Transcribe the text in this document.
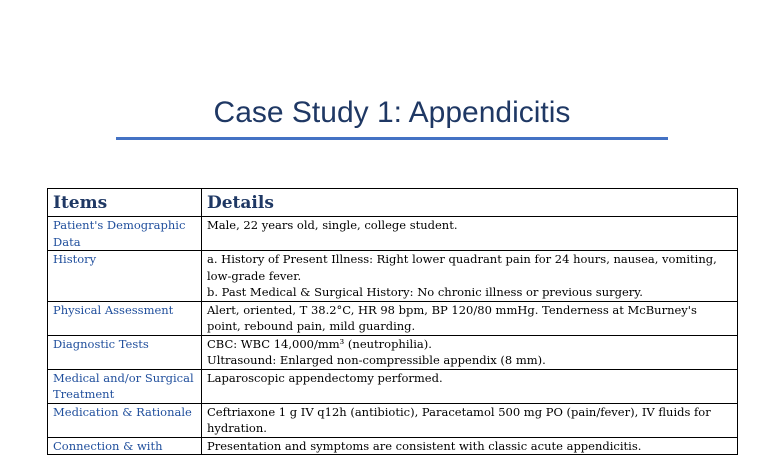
Case Study 1: Appendicitis
Items	Details
Patient's Demographic Data	Male, 22 years old, single, college student.

History	a. History of Present Illness: Right lower quadrant pain for 24 hours, nausea, vomiting, low-grade fever.
b. Past Medical & Surgical History: No chronic illness or previous surgery.

Physical Assessment	Alert, oriented, T 38.2°C, HR 98 bpm, BP 120/80 mmHg. Tenderness at McBurney's point, rebound pain, mild guarding.

Diagnostic Tests	CBC: WBC 14,000/mm³ (neutrophilia).
Ultrasound: Enlarged non-compressible appendix (8 mm).

Medical and/or Surgical Treatment	Laparoscopic appendectomy performed.

Medication & Rationale	Ceftriaxone 1 g IV q12h (antibiotic), Paracetamol 500 mg PO (pain/fever), IV fluids for hydration.

Connection & with	Presentation and symptoms are consistent with classic acute appendicitis.
